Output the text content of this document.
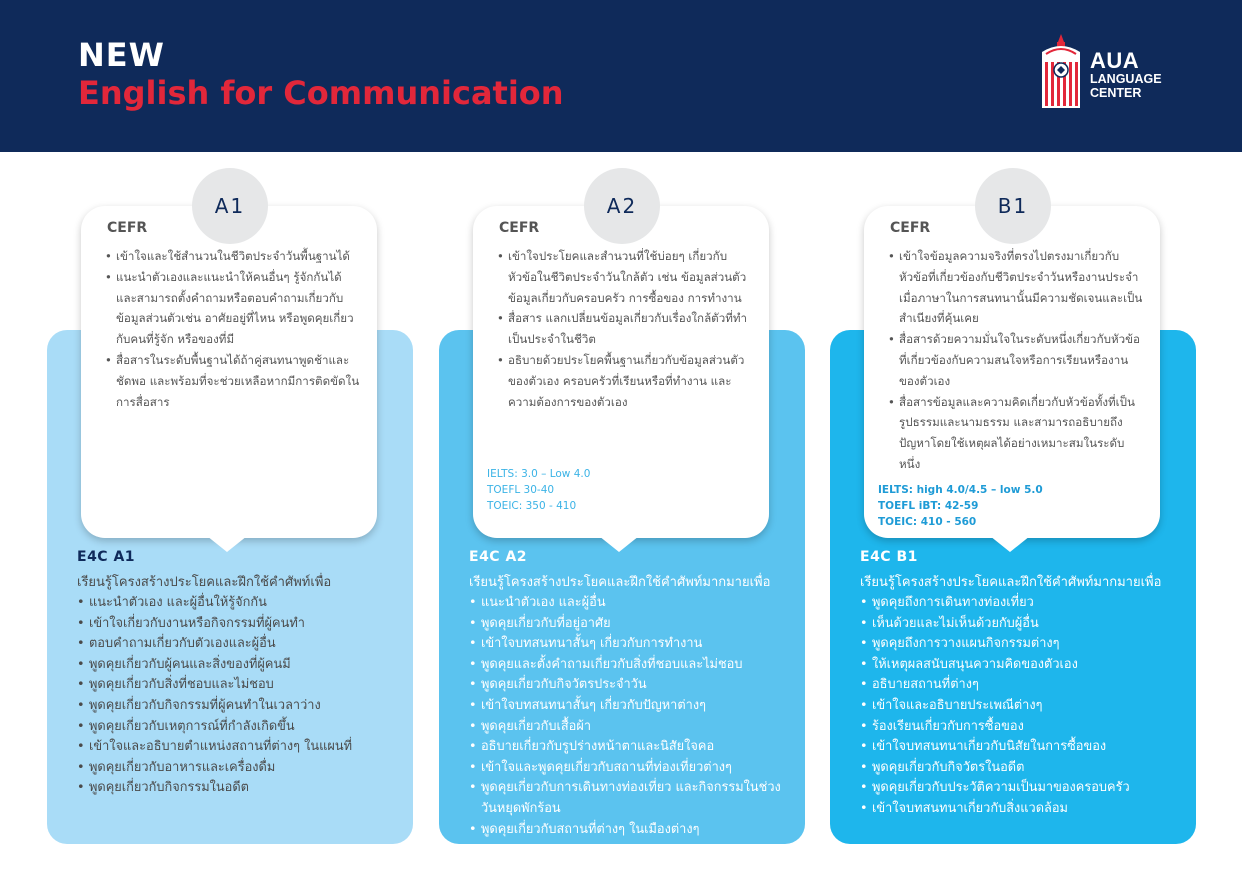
NEW
English for Communication
AUA
LANGUAGE
CENTER
CEFR
• เข้าใจและใช้สำนวนในชีวิตประจำวันพื้นฐานได้
• แนะนำตัวเองและแนะนำให้คนอื่นๆ รู้จักกันได้ และสามารถตั้งคำถามหรือตอบคำถามเกี่ยวกับข้อมูลส่วนตัวเช่น อาศัยอยู่ที่ไหน หรือพูดคุยเกี่ยวกับคนที่รู้จัก หรือของที่มี
• สื่อสารในระดับพื้นฐานได้ถ้าคู่สนทนาพูดช้าและชัดพอ และพร้อมที่จะช่วยเหลือหากมีการติดขัดในการสื่อสาร
A1
E4C A1
เรียนรู้โครงสร้างประโยคและฝึกใช้คำศัพท์เพื่อ
• แนะนำตัวเอง และผู้อื่นให้รู้จักกัน
• เข้าใจเกี่ยวกับงานหรือกิจกรรมที่ผู้คนทำ
• ตอบคำถามเกี่ยวกับตัวเองและผู้อื่น
• พูดคุยเกี่ยวกับผู้คนและสิ่งของที่ผู้คนมี
• พูดคุยเกี่ยวกับสิ่งที่ชอบและไม่ชอบ
• พูดคุยเกี่ยวกับกิจกรรมที่ผู้คนทำในเวลาว่าง
• พูดคุยเกี่ยวกับเหตุการณ์ที่กำลังเกิดขึ้น
• เข้าใจและอธิบายตำแหน่งสถานที่ต่างๆ ในแผนที่
• พูดคุยเกี่ยวกับอาหารและเครื่องดื่ม
• พูดคุยเกี่ยวกับกิจกรรมในอดีต
CEFR
• เข้าใจประโยคและสำนวนที่ใช้บ่อยๆ เกี่ยวกับหัวข้อในชีวิตประจำวันใกล้ตัว เช่น ข้อมูลส่วนตัว ข้อมูลเกี่ยวกับครอบครัว การซื้อของ การทำงาน
• สื่อสาร แลกเปลี่ยนข้อมูลเกี่ยวกับเรื่องใกล้ตัวที่ทำเป็นประจำในชีวิต
• อธิบายด้วยประโยคพื้นฐานเกี่ยวกับข้อมูลส่วนตัวของตัวเอง ครอบครัวที่เรียนหรือที่ทำงาน และ ความต้องการของตัวเอง
IELTS: 3.0 – Low 4.0
TOEFL 30-40
TOEIC: 350 - 410
A2
E4C A2
เรียนรู้โครงสร้างประโยคและฝึกใช้คำศัพท์มากมายเพื่อ
• แนะนำตัวเอง และผู้อื่น
• พูดคุยเกี่ยวกับที่อยู่อาศัย
• เข้าใจบทสนทนาสั้นๆ เกี่ยวกับการทำงาน
• พูดคุยและตั้งคำถามเกี่ยวกับสิ่งที่ชอบและไม่ชอบ
• พูดคุยเกี่ยวกับกิจวัตรประจำวัน
• เข้าใจบทสนทนาสั้นๆ เกี่ยวกับปัญหาต่างๆ
• พูดคุยเกี่ยวกับเสื้อผ้า
• อธิบายเกี่ยวกับรูปร่างหน้าตาและนิสัยใจคอ
• เข้าใจและพูดคุยเกี่ยวกับสถานที่ท่องเที่ยวต่างๆ
• พูดคุยเกี่ยวกับการเดินทางท่องเที่ยว และกิจกรรมในช่วงวันหยุดพักร้อน
• พูดคุยเกี่ยวกับสถานที่ต่างๆ ในเมืองต่างๆ
CEFR
• เข้าใจข้อมูลความจริงที่ตรงไปตรงมาเกี่ยวกับหัวข้อที่เกี่ยวข้องกับชีวิตประจำวันหรืองานประจำ เมื่อภาษาในการสนทนานั้นมีความชัดเจนและเป็นสำเนียงที่คุ้นเคย
• สื่อสารด้วยความมั่นใจในระดับหนึ่งเกี่ยวกับหัวข้อที่เกี่ยวข้องกับความสนใจหรือการเรียนหรืองานของตัวเอง
• สื่อสารข้อมูลและความคิดเกี่ยวกับหัวข้อทั้งที่เป็นรูปธรรมและนามธรรม และสามารถอธิบายถึงปัญหาโดยใช้เหตุผลได้อย่างเหมาะสมในระดับหนึ่ง
IELTS: high 4.0/4.5 – low 5.0
TOEFL iBT: 42-59
TOEIC: 410 - 560
B1
E4C B1
เรียนรู้โครงสร้างประโยคและฝึกใช้คำศัพท์มากมายเพื่อ
• พูดคุยถึงการเดินทางท่องเที่ยว
• เห็นด้วยและไม่เห็นด้วยกับผู้อื่น
• พูดคุยถึงการวางแผนกิจกรรมต่างๆ
• ให้เหตุผลสนับสนุนความคิดของตัวเอง
• อธิบายสถานที่ต่างๆ
• เข้าใจและอธิบายประเพณีต่างๆ
• ร้องเรียนเกี่ยวกับการซื้อของ
• เข้าใจบทสนทนาเกี่ยวกับนิสัยในการซื้อของ
• พูดคุยเกี่ยวกับกิจวัตรในอดีต
• พูดคุยเกี่ยวกับประวัติความเป็นมาของครอบครัว
• เข้าใจบทสนทนาเกี่ยวกับสิ่งแวดล้อม
